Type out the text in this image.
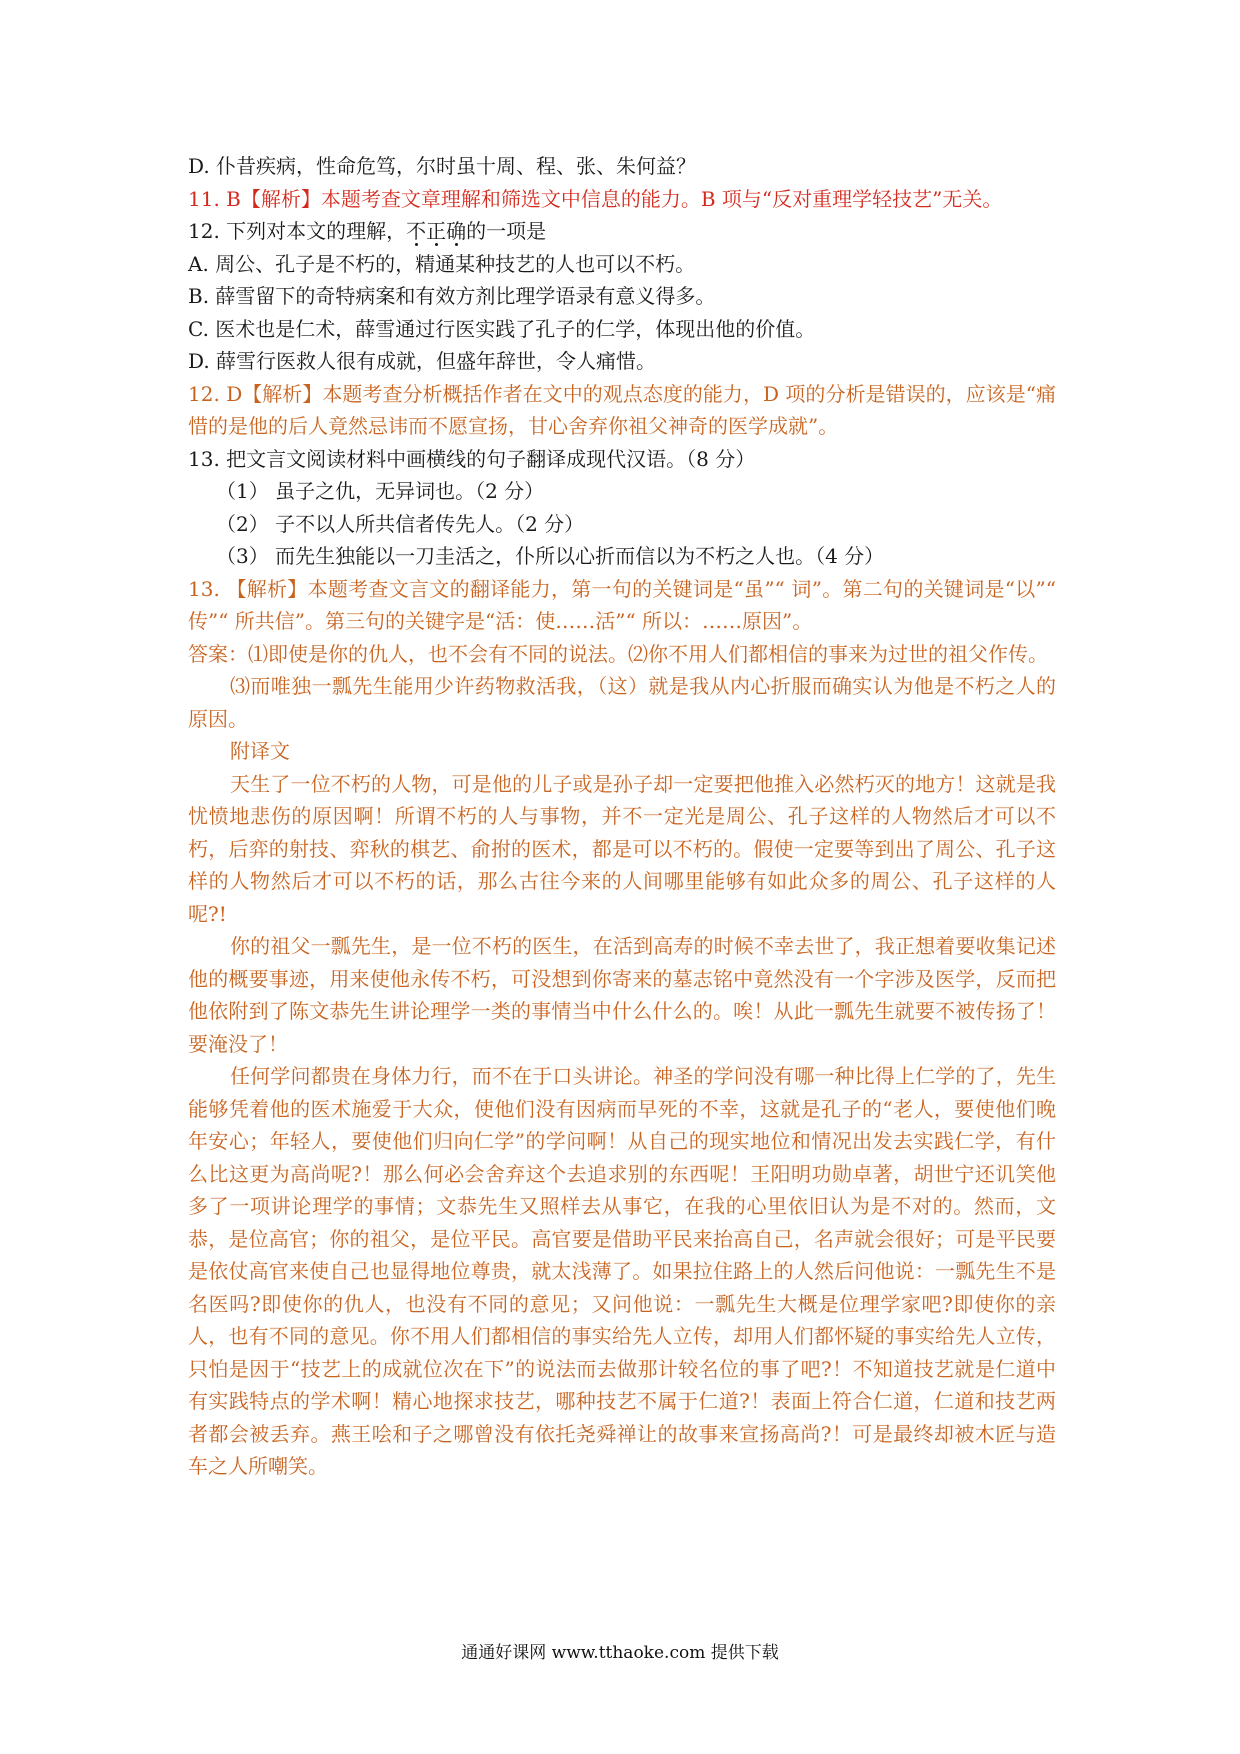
D. 仆昔疾病，性命危笃，尔时虽十周、程、张、朱何益？

11. B【解析】本题考查文章理解和筛选文中信息的能力。B 项与“反对重理学轻技艺”无关。

12. 下列对本文的理解，不正确的一项是

A. 周公、孔子是不朽的，精通某种技艺的人也可以不朽。

B. 薛雪留下的奇特病案和有效方剂比理学语录有意义得多。

C. 医术也是仁术，薛雪通过行医实践了孔子的仁学，体现出他的价值。

D. 薛雪行医救人很有成就，但盛年辞世，令人痛惜。

12. D【解析】本题考查分析概括作者在文中的观点态度的能力，D 项的分析是错误的，应该是“痛惜的是他的后人竟然忌讳而不愿宣扬，甘心舍弃你祖父神奇的医学成就”。

13. 把文言文阅读材料中画横线的句子翻译成现代汉语。（8 分）

（1） 虽子之仇，无异词也。（2 分）

（2） 子不以人所共信者传先人。（2 分）

（3） 而先生独能以一刀圭活之，仆所以心折而信以为不朽之人也。（4 分）

13. 【解析】本题考查文言文的翻译能力，第一句的关键词是“虽”“ 词”。第二句的关键词是“以”“ 传”“ 所共信”。第三句的关键字是“活：使……活”“ 所以：……原因”。

答案：⑴即使是你的仇人，也不会有不同的说法。⑵你不用人们都相信的事来为过世的祖父作传。

⑶而唯独一瓢先生能用少许药物救活我，（这）就是我从内心折服而确实认为他是不朽之人的原因。

附译文

天生了一位不朽的人物，可是他的儿子或是孙子却一定要把他推入必然朽灭的地方！这就是我忧愤地悲伤的原因啊！所谓不朽的人与事物，并不一定光是周公、孔子这样的人物然后才可以不朽，后弈的射技、弈秋的棋艺、俞拊的医术，都是可以不朽的。假使一定要等到出了周公、孔子这样的人物然后才可以不朽的话，那么古往今来的人间哪里能够有如此众多的周公、孔子这样的人呢?!

你的祖父一瓢先生，是一位不朽的医生，在活到高寿的时候不幸去世了，我正想着要收集记述他的概要事迹，用来使他永传不朽，可没想到你寄来的墓志铭中竟然没有一个字涉及医学，反而把他依附到了陈文恭先生讲论理学一类的事情当中什么什么的。唉！从此一瓢先生就要不被传扬了！要淹没了！

任何学问都贵在身体力行，而不在于口头讲论。神圣的学问没有哪一种比得上仁学的了，先生能够凭着他的医术施爱于大众，使他们没有因病而早死的不幸，这就是孔子的“老人，要使他们晚年安心；年轻人，要使他们归向仁学”的学问啊！从自己的现实地位和情况出发去实践仁学，有什么比这更为高尚呢?！那么何必会舍弃这个去追求别的东西呢！王阳明功勋卓著，胡世宁还讥笑他多了一项讲论理学的事情；文恭先生又照样去从事它，在我的心里依旧认为是不对的。然而，文恭，是位高官；你的祖父，是位平民。高官要是借助平民来抬高自己，名声就会很好；可是平民要是依仗高官来使自己也显得地位尊贵，就太浅薄了。如果拉住路上的人然后问他说：一瓢先生不是名医吗?即使你的仇人，也没有不同的意见；又问他说：一瓢先生大概是位理学家吧?即使你的亲人，也有不同的意见。你不用人们都相信的事实给先人立传，却用人们都怀疑的事实给先人立传，只怕是因于“技艺上的成就位次在下”的说法而去做那计较名位的事了吧?！不知道技艺就是仁道中有实践特点的学术啊！精心地探求技艺，哪种技艺不属于仁道?！表面上符合仁道，仁道和技艺两者都会被丢弃。燕王哙和子之哪曾没有依托尧舜禅让的故事来宣扬高尚?！可是最终却被木匠与造车之人所嘲笑。

通通好课网 www.tthaoke.com 提供下载
